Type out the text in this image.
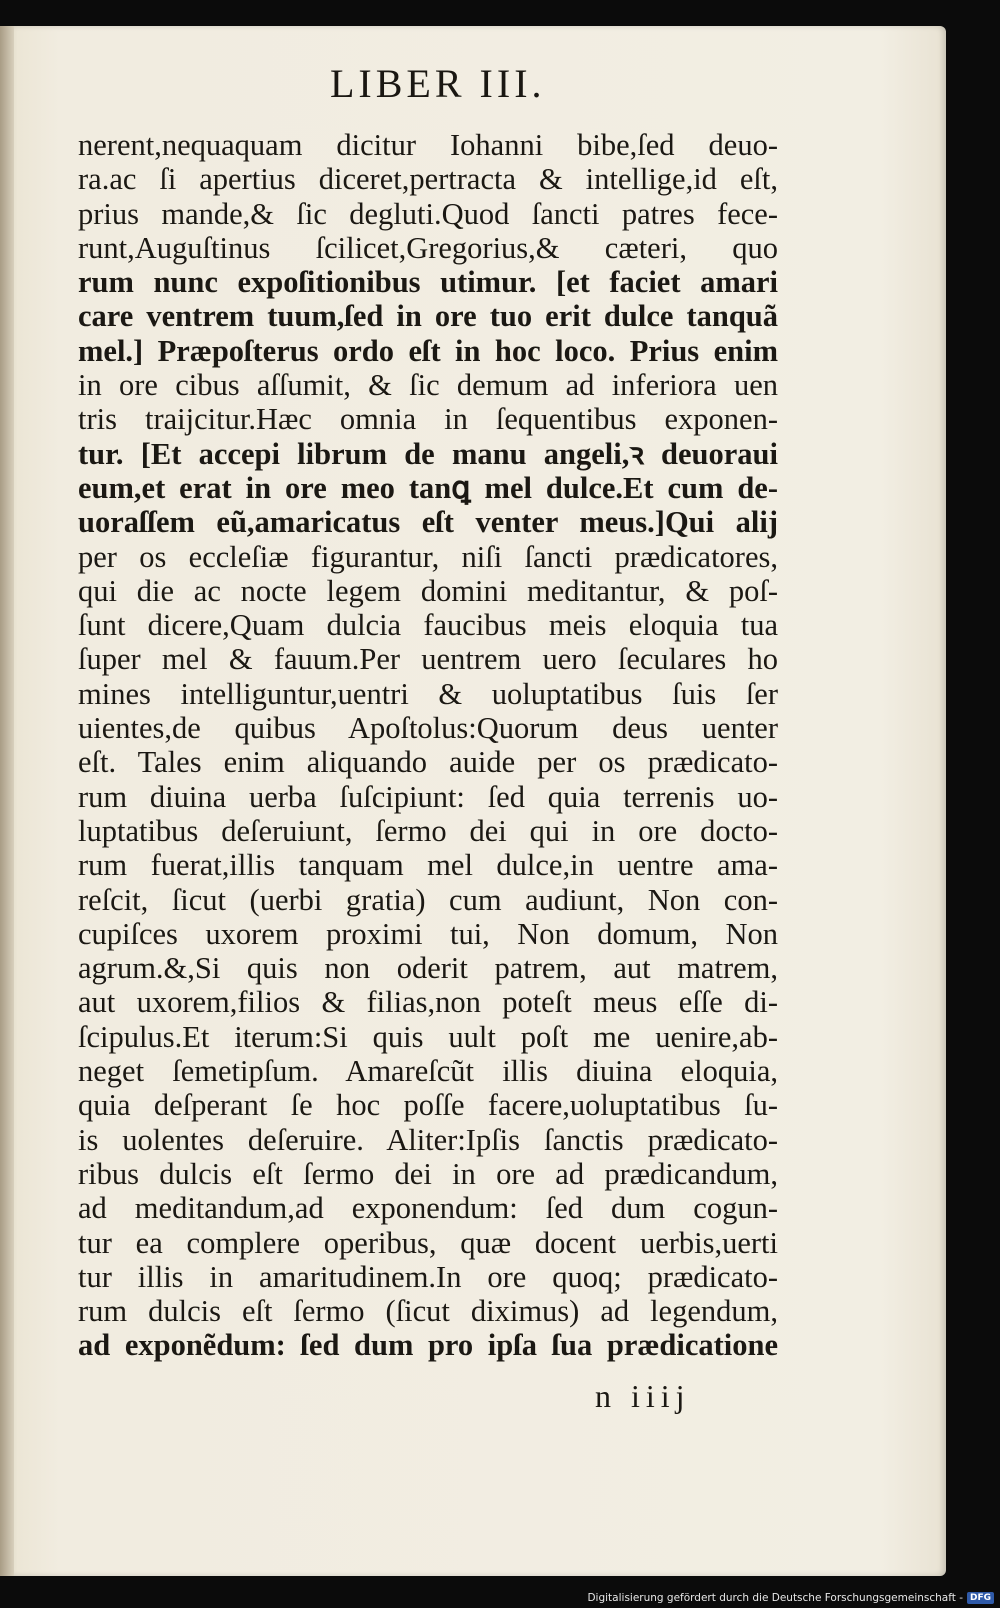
LIBER III.
nerent,nequaquam dicitur Iohanni bibe,ſed deuo-
ra.ac ſi apertius diceret,pertracta & intellige,id eſt,
prius mande,& ſic degluti.Quod ſancti patres fece-
runt,Auguſtinus ſcilicet,Gregorius,& cæteri, quo
rum nunc expoſitionibus utimur. [et faciet amari
care ventrem tuum,ſed in ore tuo erit dulce tanquã
mel.] Præpoſterus ordo eſt in hoc loco. Prius enim
in ore cibus aſſumit, & ſic demum ad inferiora uen
tris traijcitur.Hæc omnia in ſequentibus exponen-
tur. [Et accepi librum de manu angeli,ꝛ deuoraui
eum,et erat in ore meo tanꝗ mel dulce.Et cum de-
uoraſſem eũ,amaricatus eſt venter meus.]Qui alij
per os eccleſiæ figurantur, niſi ſancti prædicatores,
qui die ac nocte legem domini meditantur, & poſ-
ſunt dicere,Quam dulcia faucibus meis eloquia tua
ſuper mel & fauum.Per uentrem uero ſeculares ho
mines intelliguntur,uentri & uoluptatibus ſuis ſer
uientes,de quibus Apoſtolus:Quorum deus uenter
eſt. Tales enim aliquando auide per os prædicato-
rum diuina uerba ſuſcipiunt: ſed quia terrenis uo-
luptatibus deſeruiunt, ſermo dei qui in ore docto-
rum fuerat,illis tanquam mel dulce,in uentre ama-
reſcit, ſicut (uerbi gratia) cum audiunt, Non con-
cupiſces uxorem proximi tui, Non domum, Non
agrum.&,Si quis non oderit patrem, aut matrem,
aut uxorem,filios & filias,non poteſt meus eſſe di-
ſcipulus.Et iterum:Si quis uult poſt me uenire,ab-
neget ſemetipſum. Amareſcũt illis diuina eloquia,
quia deſperant ſe hoc poſſe facere,uoluptatibus ſu-
is uolentes deſeruire. Aliter:Ipſis ſanctis prædicato-
ribus dulcis eſt ſermo dei in ore ad prædicandum,
ad meditandum,ad exponendum: ſed dum cogun-
tur ea complere operibus, quæ docent uerbis,uerti
tur illis in amaritudinem.In ore quoq; prædicato-
rum dulcis eſt ſermo (ſicut diximus) ad legendum,
ad exponẽdum: ſed dum pro ipſa ſua prædicatione
n iiij
Digitalisierung gefördert durch die Deutsche Forschungsgemeinschaft - DFG
